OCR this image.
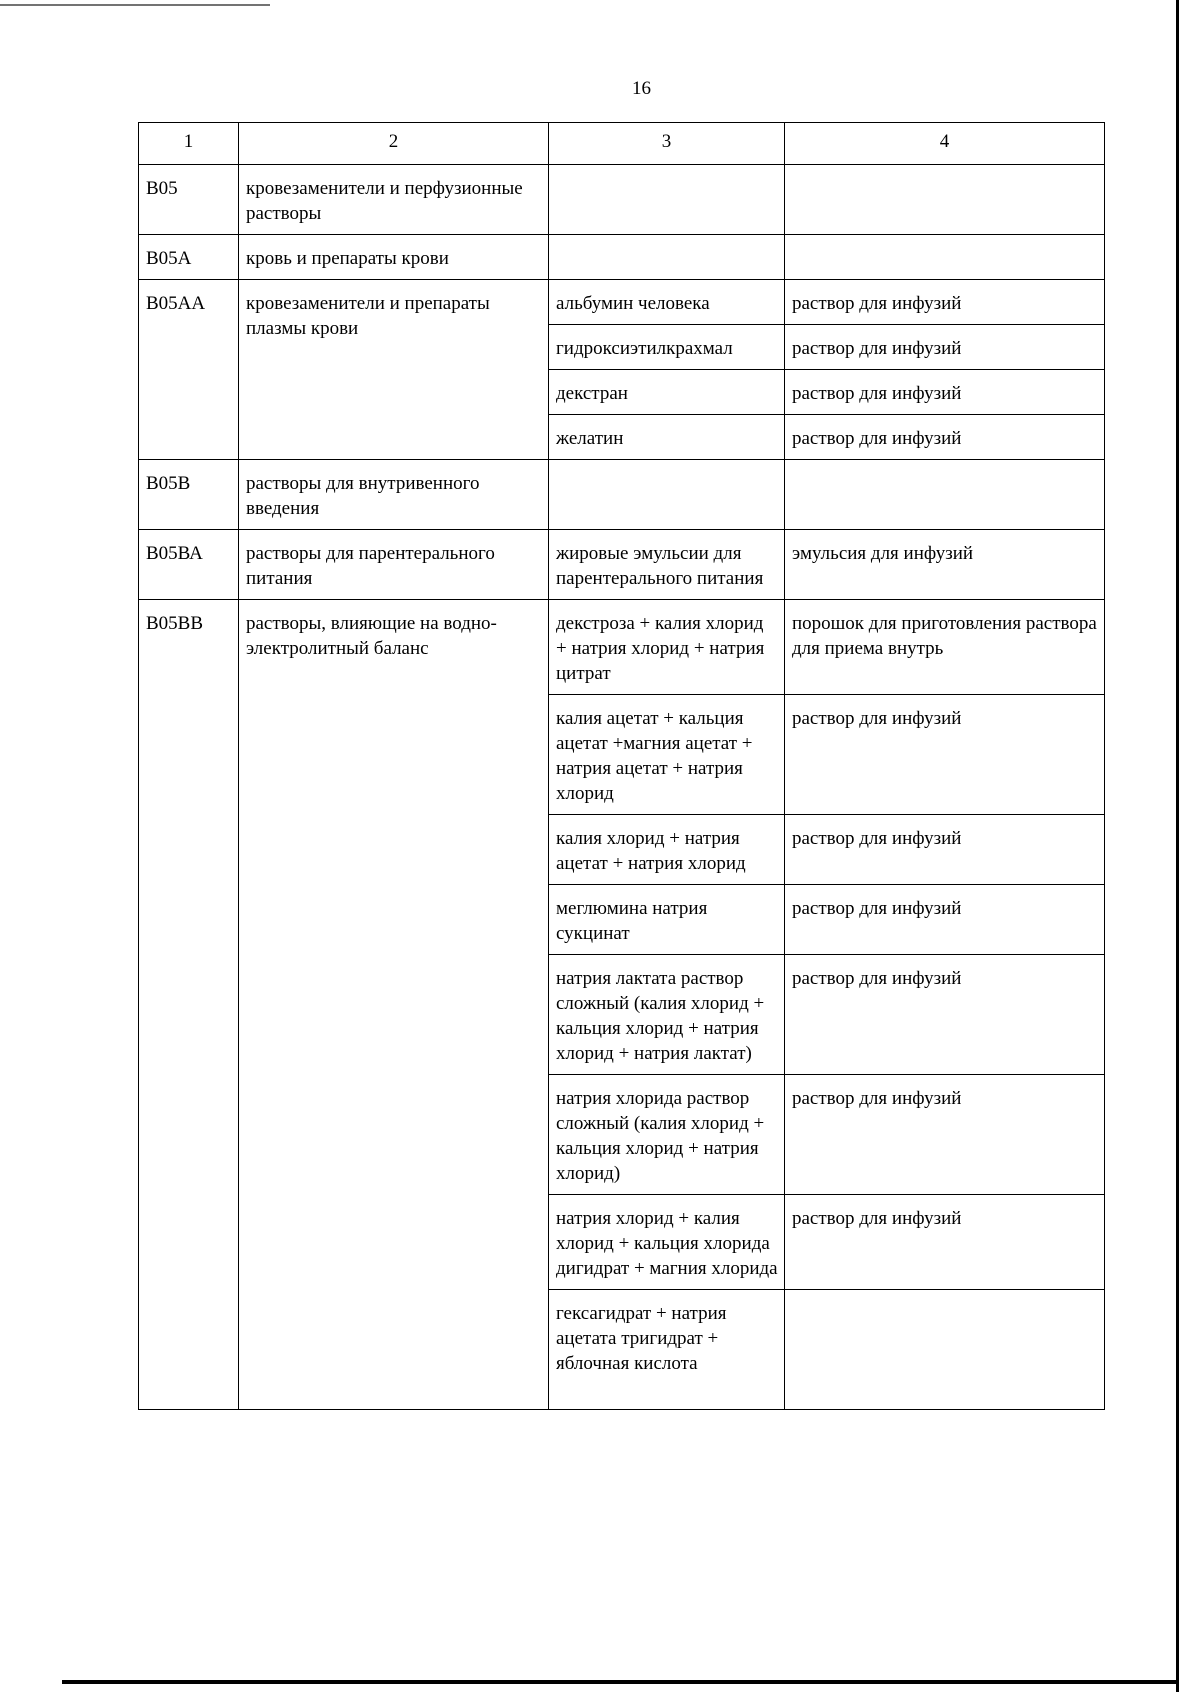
16
1	2	3	4
В05	кровезаменители и перфузионные растворы		
В05А	кровь и препараты крови		
В05АА	кровезаменители и препараты плазмы крови	альбумин человека	раствор для инфузий
		гидроксиэтилкрахмал	раствор для инфузий
		декстран	раствор для инфузий
		желатин	раствор для инфузий
В05В	растворы для внутривенного введения		
В05ВА	растворы для парентерального питания	жировые эмульсии для парентерального питания	эмульсия для инфузий
В05ВВ	растворы, влияющие на водно-электролитный баланс	декстроза + калия хлорид + натрия хлорид + натрия цитрат	порошок для приготовления раствора для приема внутрь
		калия ацетат + кальция ацетат +магния ацетат + натрия ацетат + натрия хлорид	раствор для инфузий
		калия хлорид + натрия ацетат + натрия хлорид	раствор для инфузий
		меглюмина натрия сукцинат	раствор для инфузий
		натрия лактата раствор сложный (калия хлорид + кальция хлорид + натрия хлорид + натрия лактат)	раствор для инфузий
		натрия хлорида раствор сложный (калия хлорид + кальция хлорид + натрия хлорид)	раствор для инфузий
		натрия хлорид + калия хлорид + кальция хлорида дигидрат + магния хлорида	раствор для инфузий
		гексагидрат + натрия ацетата тригидрат + яблочная кислота	
